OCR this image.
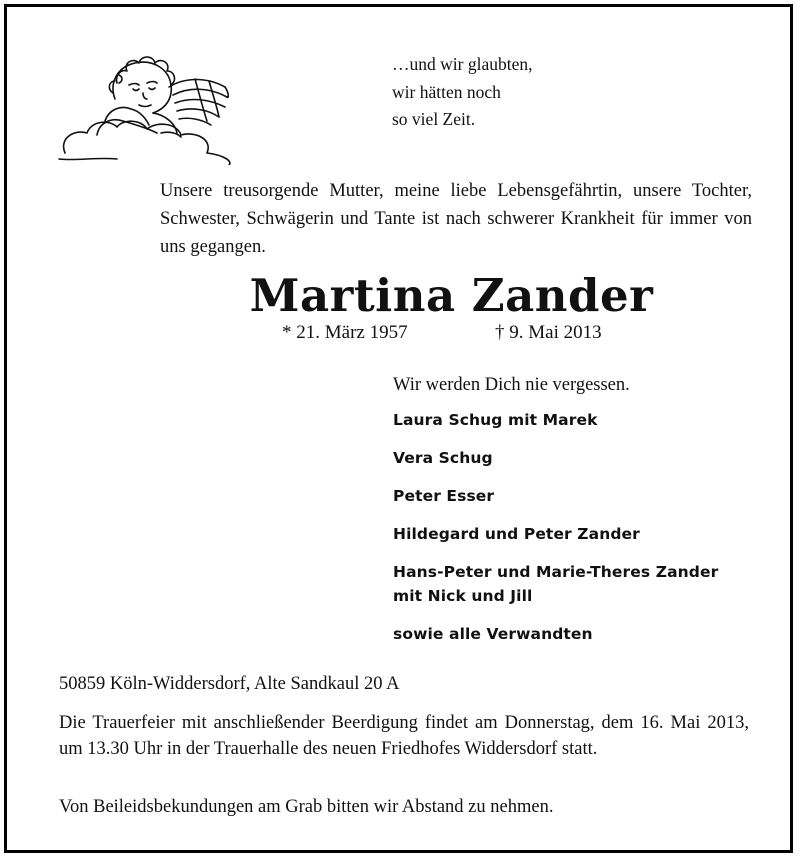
…und wir glaubten,
wir hätten noch
so viel Zeit.
Unsere treusorgende Mutter, meine liebe Lebensgefährtin, unsere Tochter, Schwester, Schwägerin und Tante ist nach schwerer Krankheit für immer von uns gegangen.
Martina Zander
* 21. März 1957	† 9. Mai 2013
Wir werden Dich nie vergessen.
Laura Schug mit Marek
Vera Schug
Peter Esser
Hildegard und Peter Zander
Hans-Peter und Marie-Theres Zander
mit Nick und Jill
sowie alle Verwandten
50859 Köln-Widdersdorf, Alte Sandkaul 20 A
Die Trauerfeier mit anschließender Beerdigung findet am Donnerstag, dem 16. Mai 2013, um 13.30 Uhr in der Trauerhalle des neuen Friedhofes Widdersdorf statt.
Von Beileidsbekundungen am Grab bitten wir Abstand zu nehmen.
